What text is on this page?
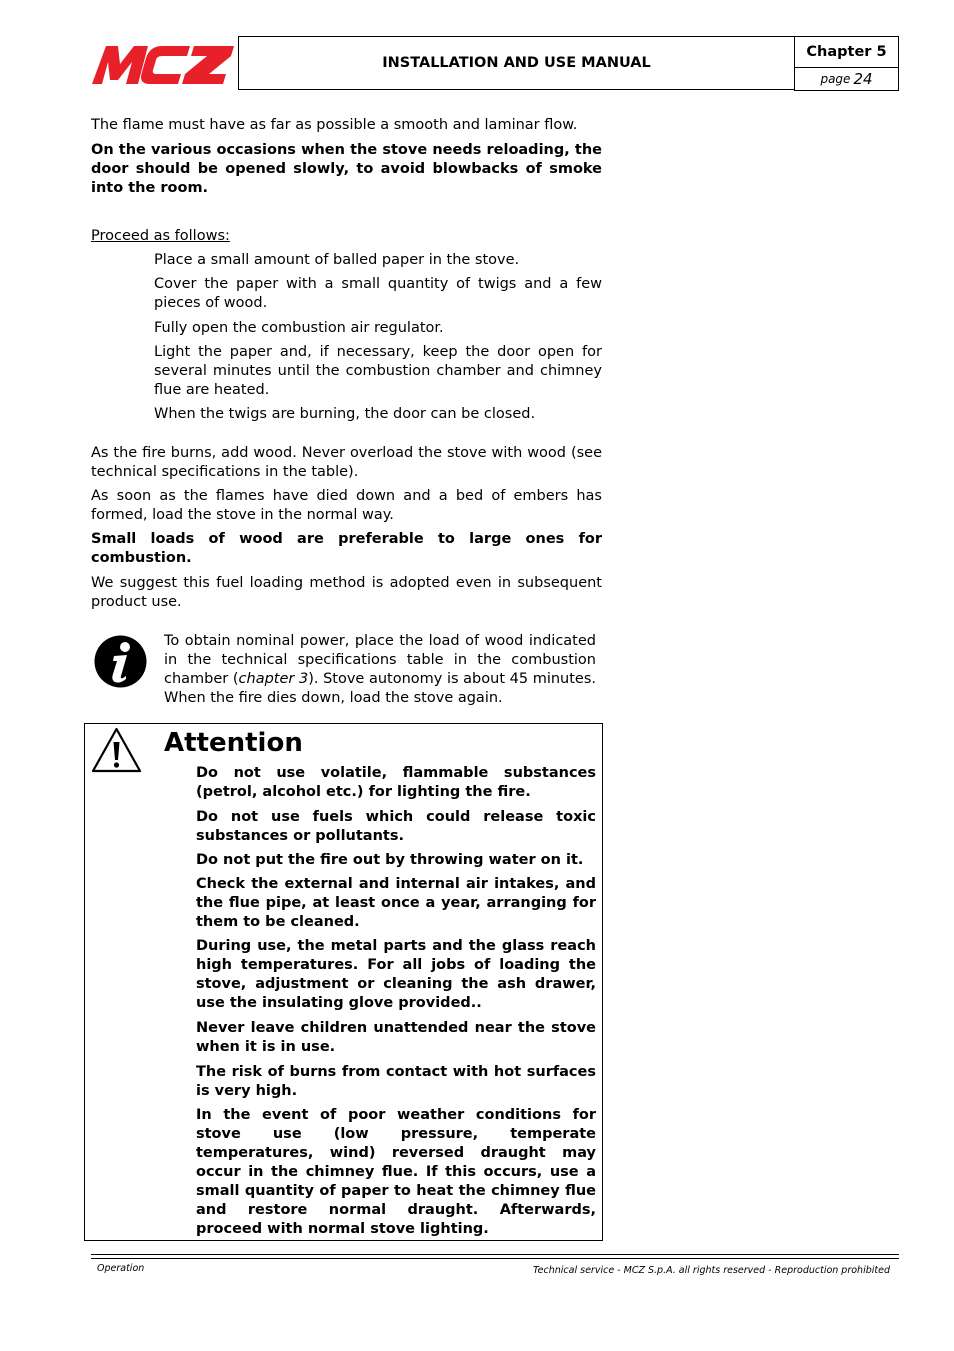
INSTALLATION AND USE MANUAL
Chapter 5
page 24
The flame must have as far as possible a smooth and laminar flow.
On the various occasions when the stove needs reloading, the door should be opened slowly, to avoid blowbacks of smoke into the room.
Proceed as follows:
Place a small amount of balled paper in the stove.
Cover the paper with a small quantity of twigs and a few pieces of wood.
Fully open the combustion air regulator.
Light the paper and, if necessary, keep the door open for several minutes until the combustion chamber and chimney flue are heated.
When the twigs are burning, the door can be closed.
As the fire burns, add wood. Never overload the stove with wood (see technical specifications in the table).
As soon as the flames have died down and a bed of embers has formed, load the stove in the normal way.
Small loads of wood are preferable to large ones for combustion.
We suggest this fuel loading method is adopted even in subsequent product use.
To obtain nominal power, place the load of wood indicated in the technical specifications table in the combustion chamber (chapter 3). Stove autonomy is about 45 minutes. When the fire dies down, load the stove again.
Attention
Do not use volatile, flammable substances (petrol, alcohol etc.) for lighting the fire.
Do not use fuels which could release toxic substances or pollutants.
Do not put the fire out by throwing water on it.
Check the external and internal air intakes, and the flue pipe, at least once a year, arranging for them to be cleaned.
During use, the metal parts and the glass reach high temperatures. For all jobs of loading the stove, adjustment or cleaning the ash drawer, use the insulating glove provided..
Never leave children unattended near the stove when it is in use.
The risk of burns from contact with hot surfaces is very high.
In the event of poor weather conditions for stove use (low pressure, temperate temperatures, wind) reversed draught may occur in the chimney flue. If this occurs, use a small quantity of paper to heat the chimney flue and restore normal draught. Afterwards, proceed with normal stove lighting.
Operation	Technical service - MCZ S.p.A. all rights reserved - Reproduction prohibited
